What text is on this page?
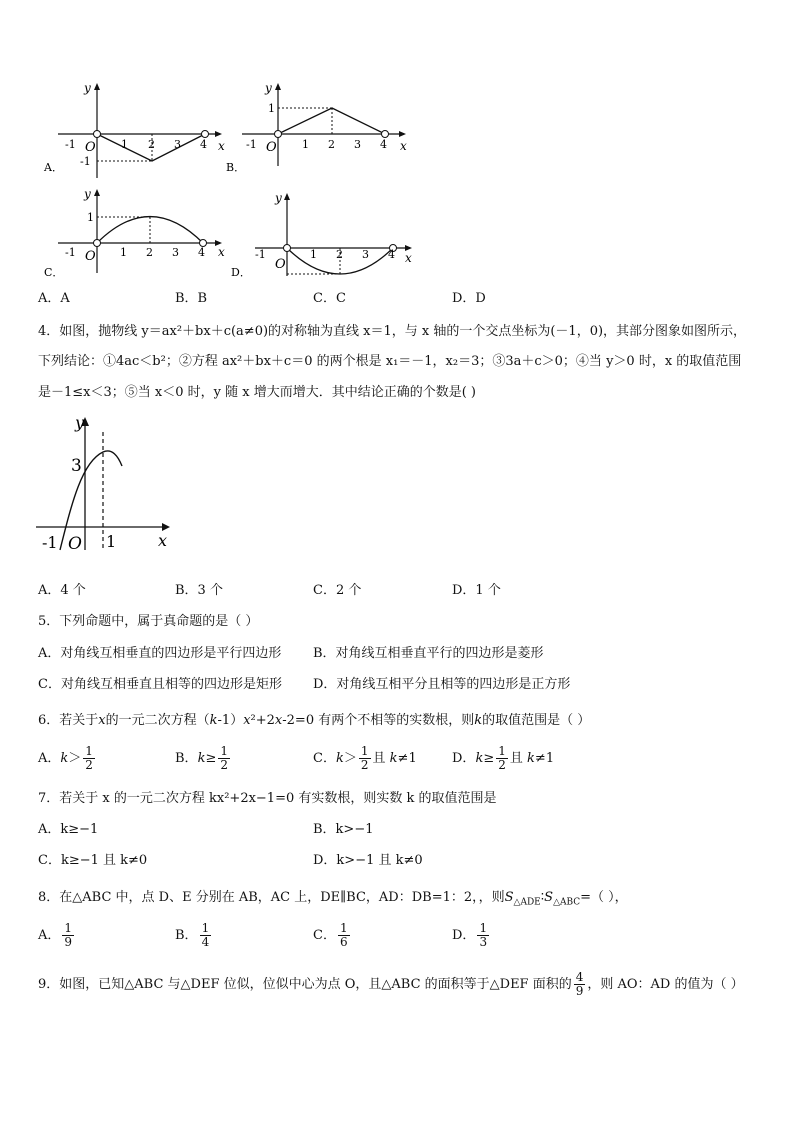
y
x
-1 O 1 2 3 4
-1
A．
y
x
-1 O 1 2 3 4
1
B．
y
x
-1 O 1 2 3 4
1
C．
y
x
-1
O
1 2 3 4
D．
A．A	B．B	C．C	D．D
4．如图，抛物线 y＝ax²＋bx＋c(a≠0)的对称轴为直线 x＝1，与 x 轴的一个交点坐标为(－1，0)，其部分图象如图所示，
下列结论：①4ac＜b²；②方程 ax²＋bx＋c＝0 的两个根是 x₁＝－1，x₂＝3；③3a＋c＞0；④当 y＞0 时，x 的取值范围
是－1≤x＜3；⑤当 x＜0 时，y 随 x 增大而增大．其中结论正确的个数是( )
y
x
3
-1 O 1
A．4 个	B．3 个	C．2 个	D．1 个
5．下列命题中，属于真命题的是（ ）
A．对角线互相垂直的四边形是平行四边形 B．对角线互相垂直平行的四边形是菱形
C．对角线互相垂直且相等的四边形是矩形 D．对角线互相平分且相等的四边形是正方形
6．若关于x的一元二次方程（k-1）x²+2x-2=0 有两个不相等的实数根，则k的取值范围是（ ）
A．$k> \frac{1}{2}$	B．$k\ge \frac{1}{2}$	C．$k> \frac{1}{2}$ 且 k≠1	D．$k\ge \frac{1}{2}$ 且 k≠1
7．若关于 x 的一元二次方程 kx²+2x−1=0 有实数根，则实数 k 的取值范围是
A．k≥−1	B．k>−1
C．k≥−1 且 k≠0	D．k>−1 且 k≠0
8．在△ABC 中，点 D、E 分别在 AB，AC 上，DE∥BC，AD：DB=1：2，，则$S_{\triangle ADE}∶S_{\triangle ABC}=$（ ），
A． $\frac{1}{9}$	B． $\frac{1}{4}$	C． $\frac{1}{6}$	D． $\frac{1}{3}$
9．如图，已知△ABC 与△DEF 位似，位似中心为点 O，且△ABC 的面积等于△DEF 面积的 $\frac{4}{9}$ ，则 AO：AD 的值为（ ）
